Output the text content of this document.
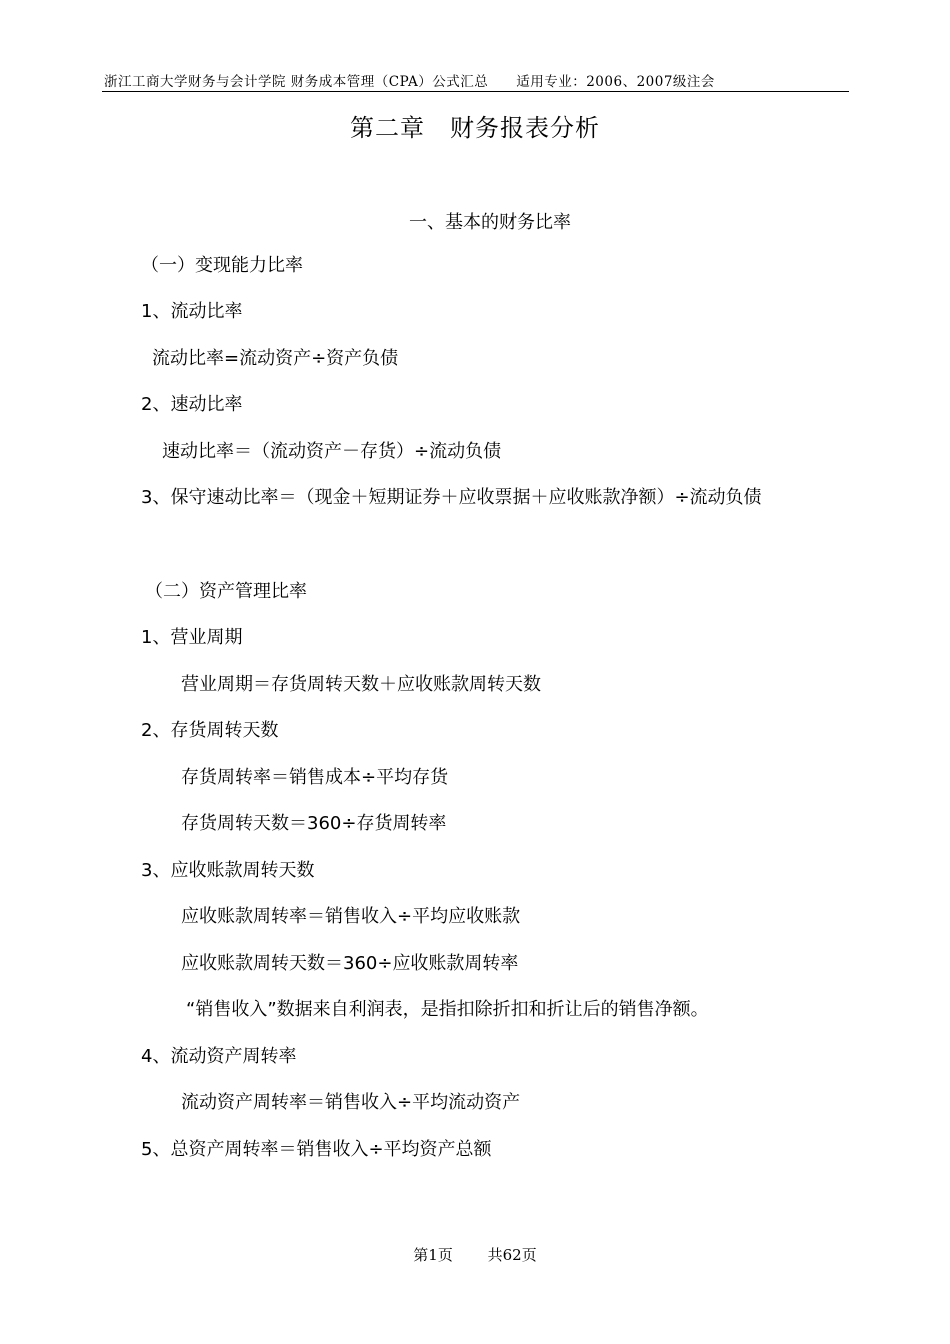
浙江工商大学财务与会计学院 财务成本管理（CPA）公式汇总　　适用专业：2006、2007级注会
第二章　财务报表分析
一、基本的财务比率
（一）变现能力比率
1、流动比率
流动比率=流动资产÷资产负债
2、速动比率
速动比率＝（流动资产－存货）÷流动负债
3、保守速动比率＝（现金＋短期证券＋应收票据＋应收账款净额）÷流动负债
（二）资产管理比率
1、营业周期
营业周期＝存货周转天数＋应收账款周转天数
2、存货周转天数
存货周转率＝销售成本÷平均存货
存货周转天数＝360÷存货周转率
3、应收账款周转天数
应收账款周转率＝销售收入÷平均应收账款
应收账款周转天数＝360÷应收账款周转率
“销售收入”数据来自利润表，是指扣除折扣和折让后的销售净额。
4、流动资产周转率
流动资产周转率＝销售收入÷平均流动资产
5、总资产周转率＝销售收入÷平均资产总额
第1页　　 共62页
